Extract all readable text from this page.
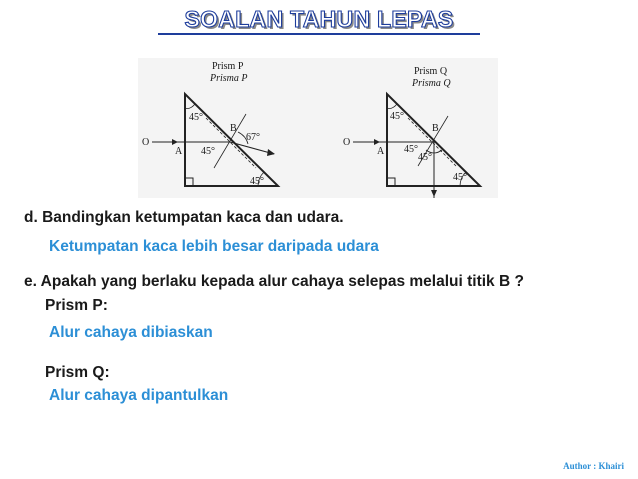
SOALAN TAHUN LEPAS
Prism P
Prisma P
45°
O
A 45°
B
67°
45°
Prism Q
Prisma Q
45°
O
A 45°
B
45°
45°
d. Bandingkan ketumpatan kaca dan udara.
Ketumpatan kaca lebih besar daripada udara
e. Apakah yang berlaku kepada alur cahaya selepas melalui titik B ?
Prism P:
Alur cahaya dibiaskan
Prism Q:
Alur cahaya dipantulkan
Author : Khairi
